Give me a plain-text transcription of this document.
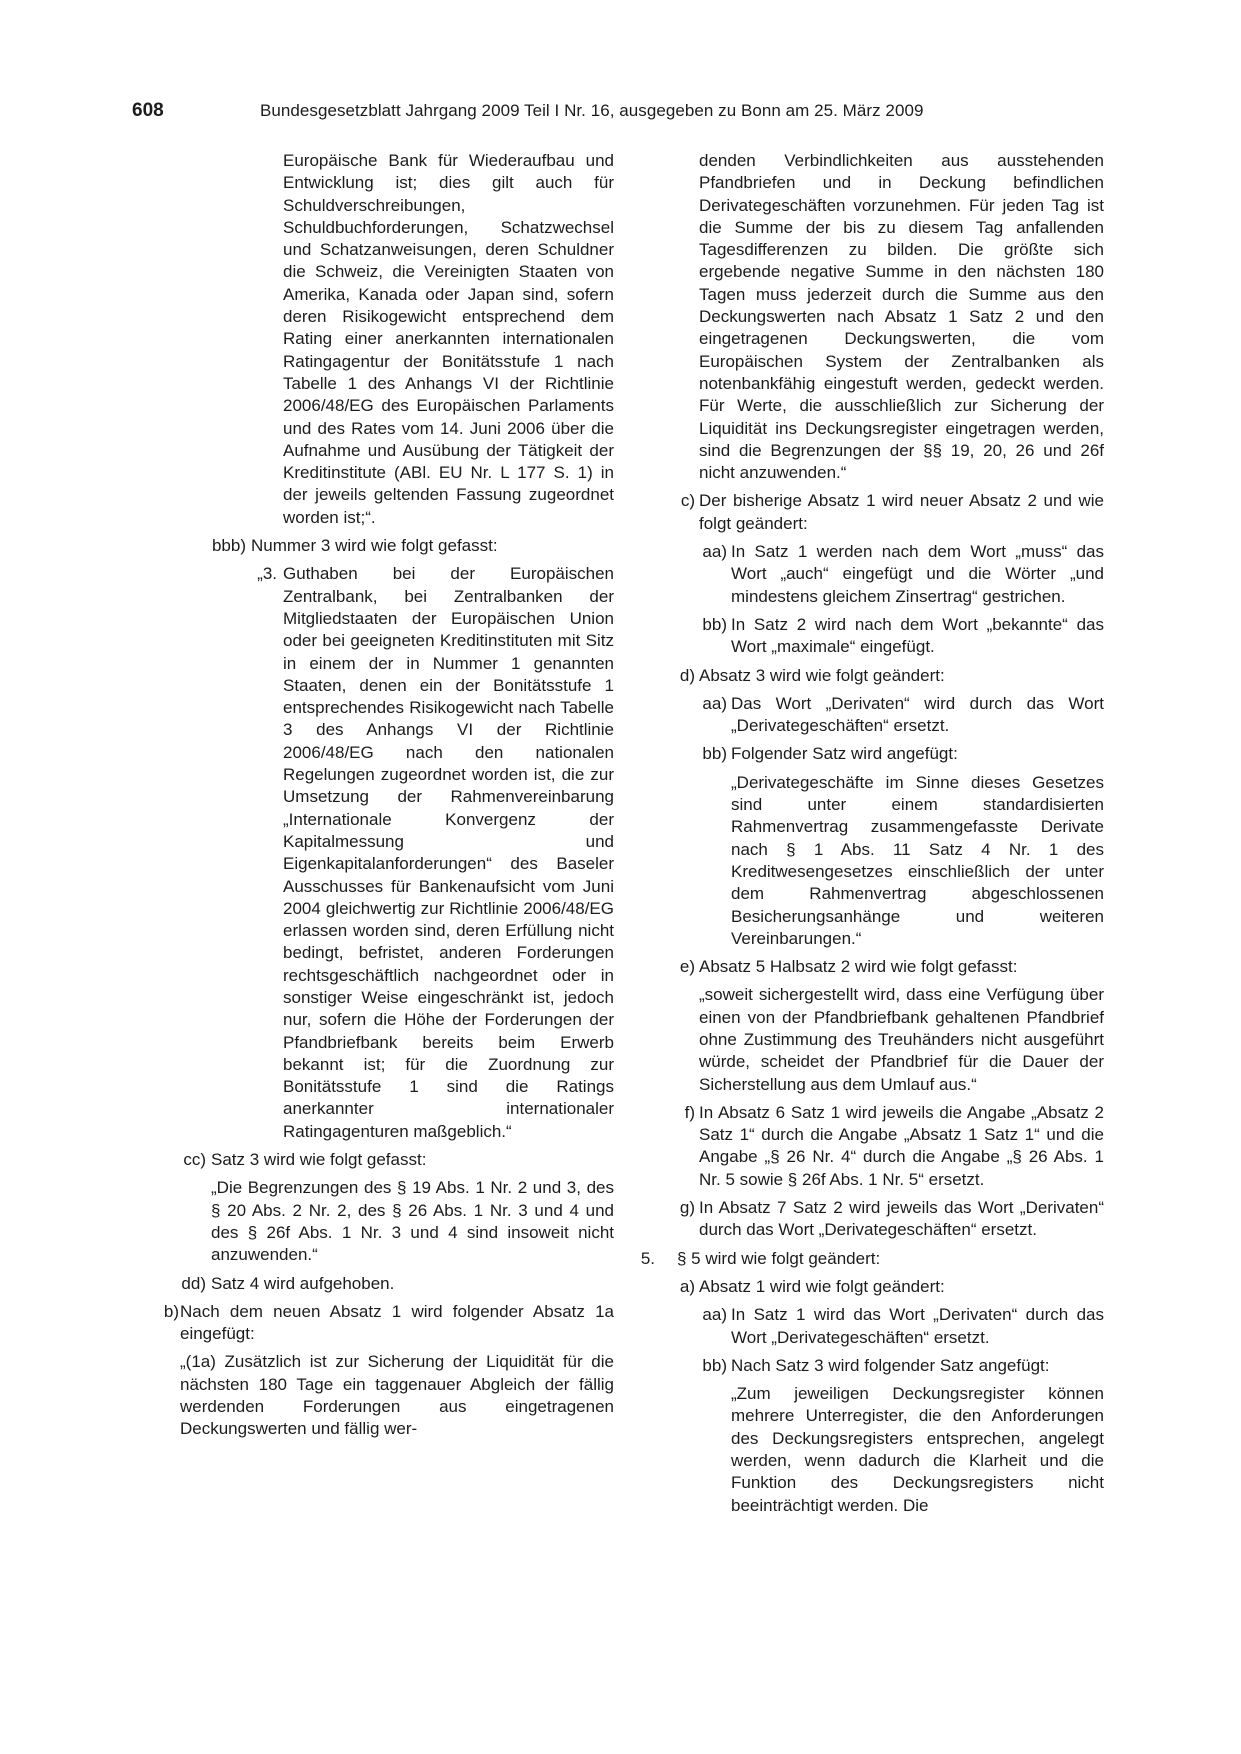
608	Bundesgesetzblatt Jahrgang 2009 Teil I Nr. 16, ausgegeben zu Bonn am 25. März 2009
Europäische Bank für Wiederaufbau und Entwicklung ist; dies gilt auch für Schuldverschreibungen, Schuldbuchforderungen, Schatzwechsel und Schatzanweisungen, deren Schuldner die Schweiz, die Vereinigten Staaten von Amerika, Kanada oder Japan sind, sofern deren Risikogewicht entsprechend dem Rating einer anerkannten internationalen Ratingagentur der Bonitätsstufe 1 nach Tabelle 1 des Anhangs VI der Richtlinie 2006/48/EG des Europäischen Parlaments und des Rates vom 14. Juni 2006 über die Aufnahme und Ausübung der Tätigkeit der Kreditinstitute (ABl. EU Nr. L 177 S. 1) in der jeweils geltenden Fassung zugeordnet worden ist;“.
bbb) Nummer 3 wird wie folgt gefasst:
„3. Guthaben bei der Europäischen Zentralbank, bei Zentralbanken der Mitgliedstaaten der Europäischen Union oder bei geeigneten Kreditinstituten mit Sitz in einem der in Nummer 1 genannten Staaten, denen ein der Bonitätsstufe 1 entsprechendes Risikogewicht nach Tabelle 3 des Anhangs VI der Richtlinie 2006/48/EG nach den nationalen Regelungen zugeordnet worden ist, die zur Umsetzung der Rahmenvereinbarung „Internationale Konvergenz der Kapitalmessung und Eigenkapitalanforderungen“ des Baseler Ausschusses für Bankenaufsicht vom Juni 2004 gleichwertig zur Richtlinie 2006/48/EG erlassen worden sind, deren Erfüllung nicht bedingt, befristet, anderen Forderungen rechtsgeschäftlich nachgeordnet oder in sonstiger Weise eingeschränkt ist, jedoch nur, sofern die Höhe der Forderungen der Pfandbriefbank bereits beim Erwerb bekannt ist; für die Zuordnung zur Bonitätsstufe 1 sind die Ratings anerkannter internationaler Ratingagenturen maßgeblich.“
cc) Satz 3 wird wie folgt gefasst:
„Die Begrenzungen des § 19 Abs. 1 Nr. 2 und 3, des § 20 Abs. 2 Nr. 2, des § 26 Abs. 1 Nr. 3 und 4 und des § 26f Abs. 1 Nr. 3 und 4 sind insoweit nicht anzuwenden.“
dd) Satz 4 wird aufgehoben.
b) Nach dem neuen Absatz 1 wird folgender Absatz 1a eingefügt:
„(1a) Zusätzlich ist zur Sicherung der Liquidität für die nächsten 180 Tage ein taggenauer Abgleich der fällig werdenden Forderungen aus eingetragenen Deckungswerten und fällig wer-
denden Verbindlichkeiten aus ausstehenden Pfandbriefen und in Deckung befindlichen Derivategeschäften vorzunehmen. Für jeden Tag ist die Summe der bis zu diesem Tag anfallenden Tagesdifferenzen zu bilden. Die größte sich ergebende negative Summe in den nächsten 180 Tagen muss jederzeit durch die Summe aus den Deckungswerten nach Absatz 1 Satz 2 und den eingetragenen Deckungswerten, die vom Europäischen System der Zentralbanken als notenbankfähig eingestuft werden, gedeckt werden. Für Werte, die ausschließlich zur Sicherung der Liquidität ins Deckungsregister eingetragen werden, sind die Begrenzungen der §§ 19, 20, 26 und 26f nicht anzuwenden.“
c) Der bisherige Absatz 1 wird neuer Absatz 2 und wie folgt geändert:
aa) In Satz 1 werden nach dem Wort „muss“ das Wort „auch“ eingefügt und die Wörter „und mindestens gleichem Zinsertrag“ gestrichen.
bb) In Satz 2 wird nach dem Wort „bekannte“ das Wort „maximale“ eingefügt.
d) Absatz 3 wird wie folgt geändert:
aa) Das Wort „Derivaten“ wird durch das Wort „Derivategeschäften“ ersetzt.
bb) Folgender Satz wird angefügt:
„Derivategeschäfte im Sinne dieses Gesetzes sind unter einem standardisierten Rahmenvertrag zusammengefasste Derivate nach § 1 Abs. 11 Satz 4 Nr. 1 des Kreditwesengesetzes einschließlich der unter dem Rahmenvertrag abgeschlossenen Besicherungsanhänge und weiteren Vereinbarungen.“
e) Absatz 5 Halbsatz 2 wird wie folgt gefasst:
„soweit sichergestellt wird, dass eine Verfügung über einen von der Pfandbriefbank gehaltenen Pfandbrief ohne Zustimmung des Treuhänders nicht ausgeführt würde, scheidet der Pfandbrief für die Dauer der Sicherstellung aus dem Umlauf aus.“
f) In Absatz 6 Satz 1 wird jeweils die Angabe „Absatz 2 Satz 1“ durch die Angabe „Absatz 1 Satz 1“ und die Angabe „§ 26 Nr. 4“ durch die Angabe „§ 26 Abs. 1 Nr. 5 sowie § 26f Abs. 1 Nr. 5“ ersetzt.
g) In Absatz 7 Satz 2 wird jeweils das Wort „Derivaten“ durch das Wort „Derivategeschäften“ ersetzt.
5. § 5 wird wie folgt geändert:
a) Absatz 1 wird wie folgt geändert:
aa) In Satz 1 wird das Wort „Derivaten“ durch das Wort „Derivategeschäften“ ersetzt.
bb) Nach Satz 3 wird folgender Satz angefügt:
„Zum jeweiligen Deckungsregister können mehrere Unterregister, die den Anforderungen des Deckungsregisters entsprechen, angelegt werden, wenn dadurch die Klarheit und die Funktion des Deckungsregisters nicht beeinträchtigt werden. Die
